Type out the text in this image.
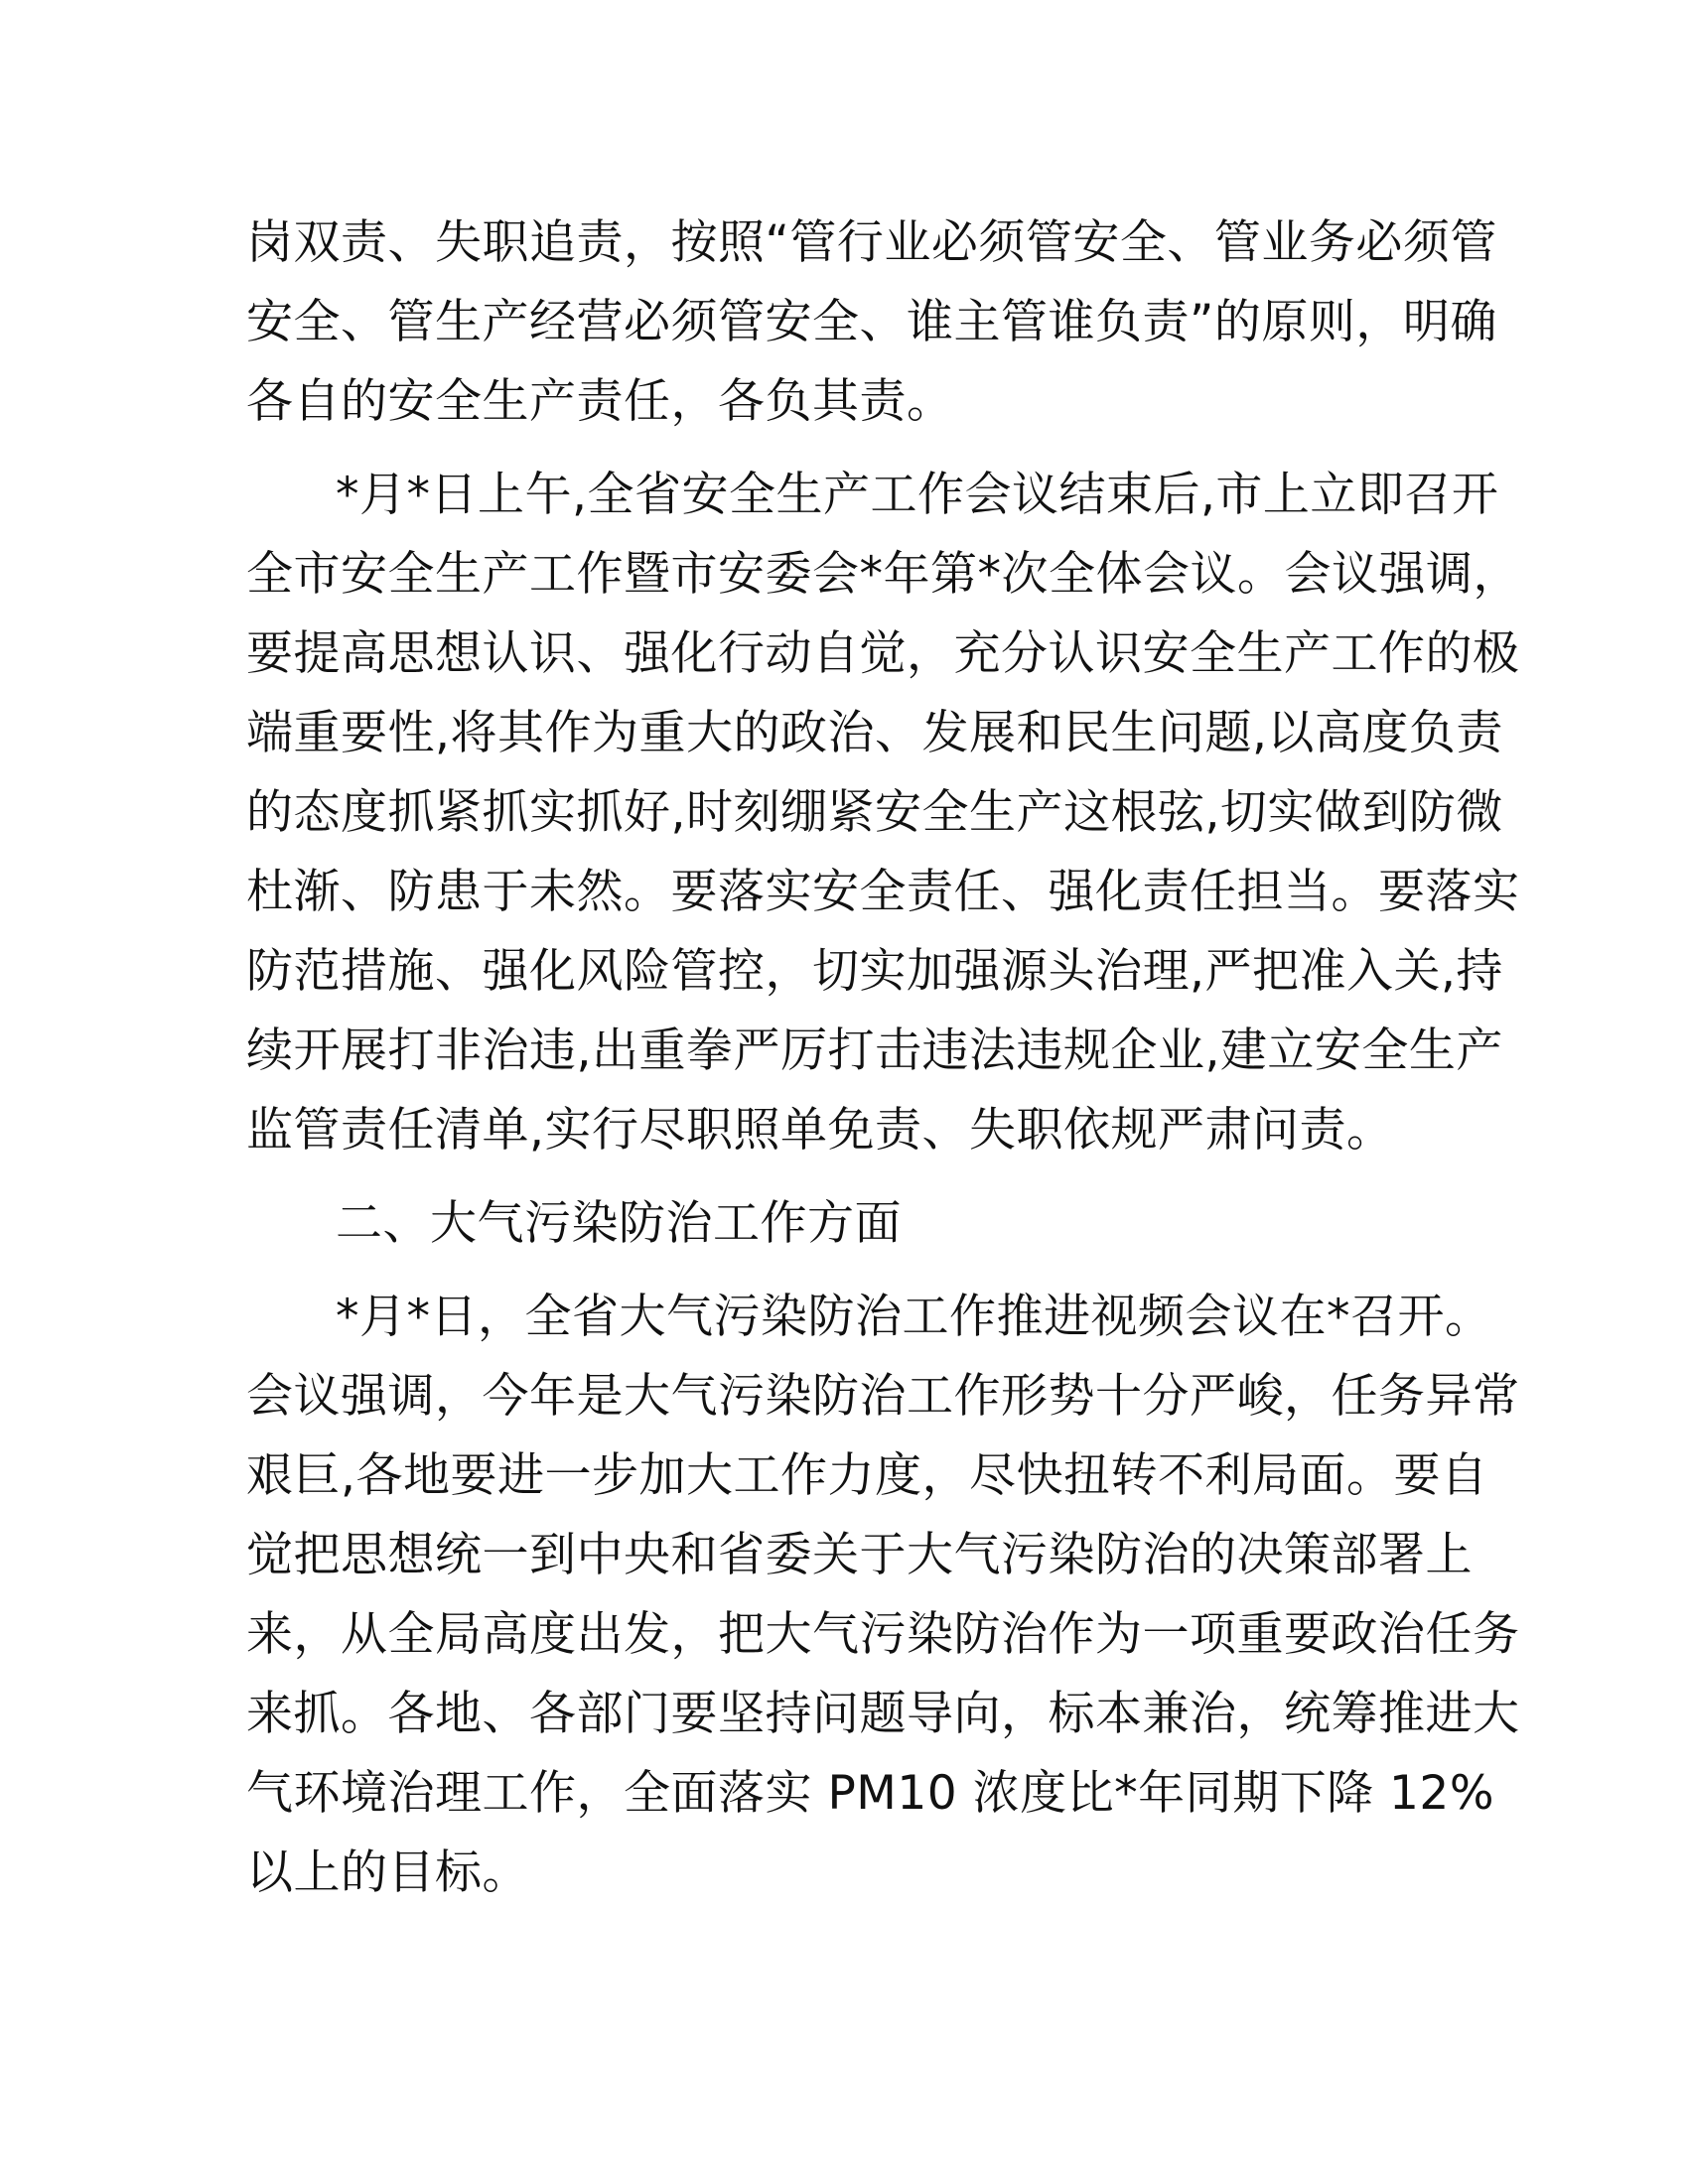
岗双责、失职追责，按照“管行业必须管安全、管业务必须管
安全、管生产经营必须管安全、谁主管谁负责”的原则，明确
各自的安全生产责任，各负其责。
*月*日上午,全省安全生产工作会议结束后,市上立即召开
全市安全生产工作暨市安委会*年第*次全体会议。会议强调，
要提高思想认识、强化行动自觉，充分认识安全生产工作的极
端重要性,将其作为重大的政治、发展和民生问题,以高度负责
的态度抓紧抓实抓好,时刻绷紧安全生产这根弦,切实做到防微
杜渐、防患于未然。要落实安全责任、强化责任担当。要落实
防范措施、强化风险管控，切实加强源头治理,严把准入关,持
续开展打非治违,出重拳严厉打击违法违规企业,建立安全生产
监管责任清单,实行尽职照单免责、失职依规严肃问责。
二、大气污染防治工作方面
*月*日，全省大气污染防治工作推进视频会议在*召开。
会议强调，今年是大气污染防治工作形势十分严峻，任务异常
艰巨,各地要进一步加大工作力度，尽快扭转不利局面。要自
觉把思想统一到中央和省委关于大气污染防治的决策部署上
来，从全局高度出发，把大气污染防治作为一项重要政治任务
来抓。各地、各部门要坚持问题导向，标本兼治，统筹推进大
气环境治理工作，全面落实 PM10 浓度比*年同期下降 12%
以上的目标。
